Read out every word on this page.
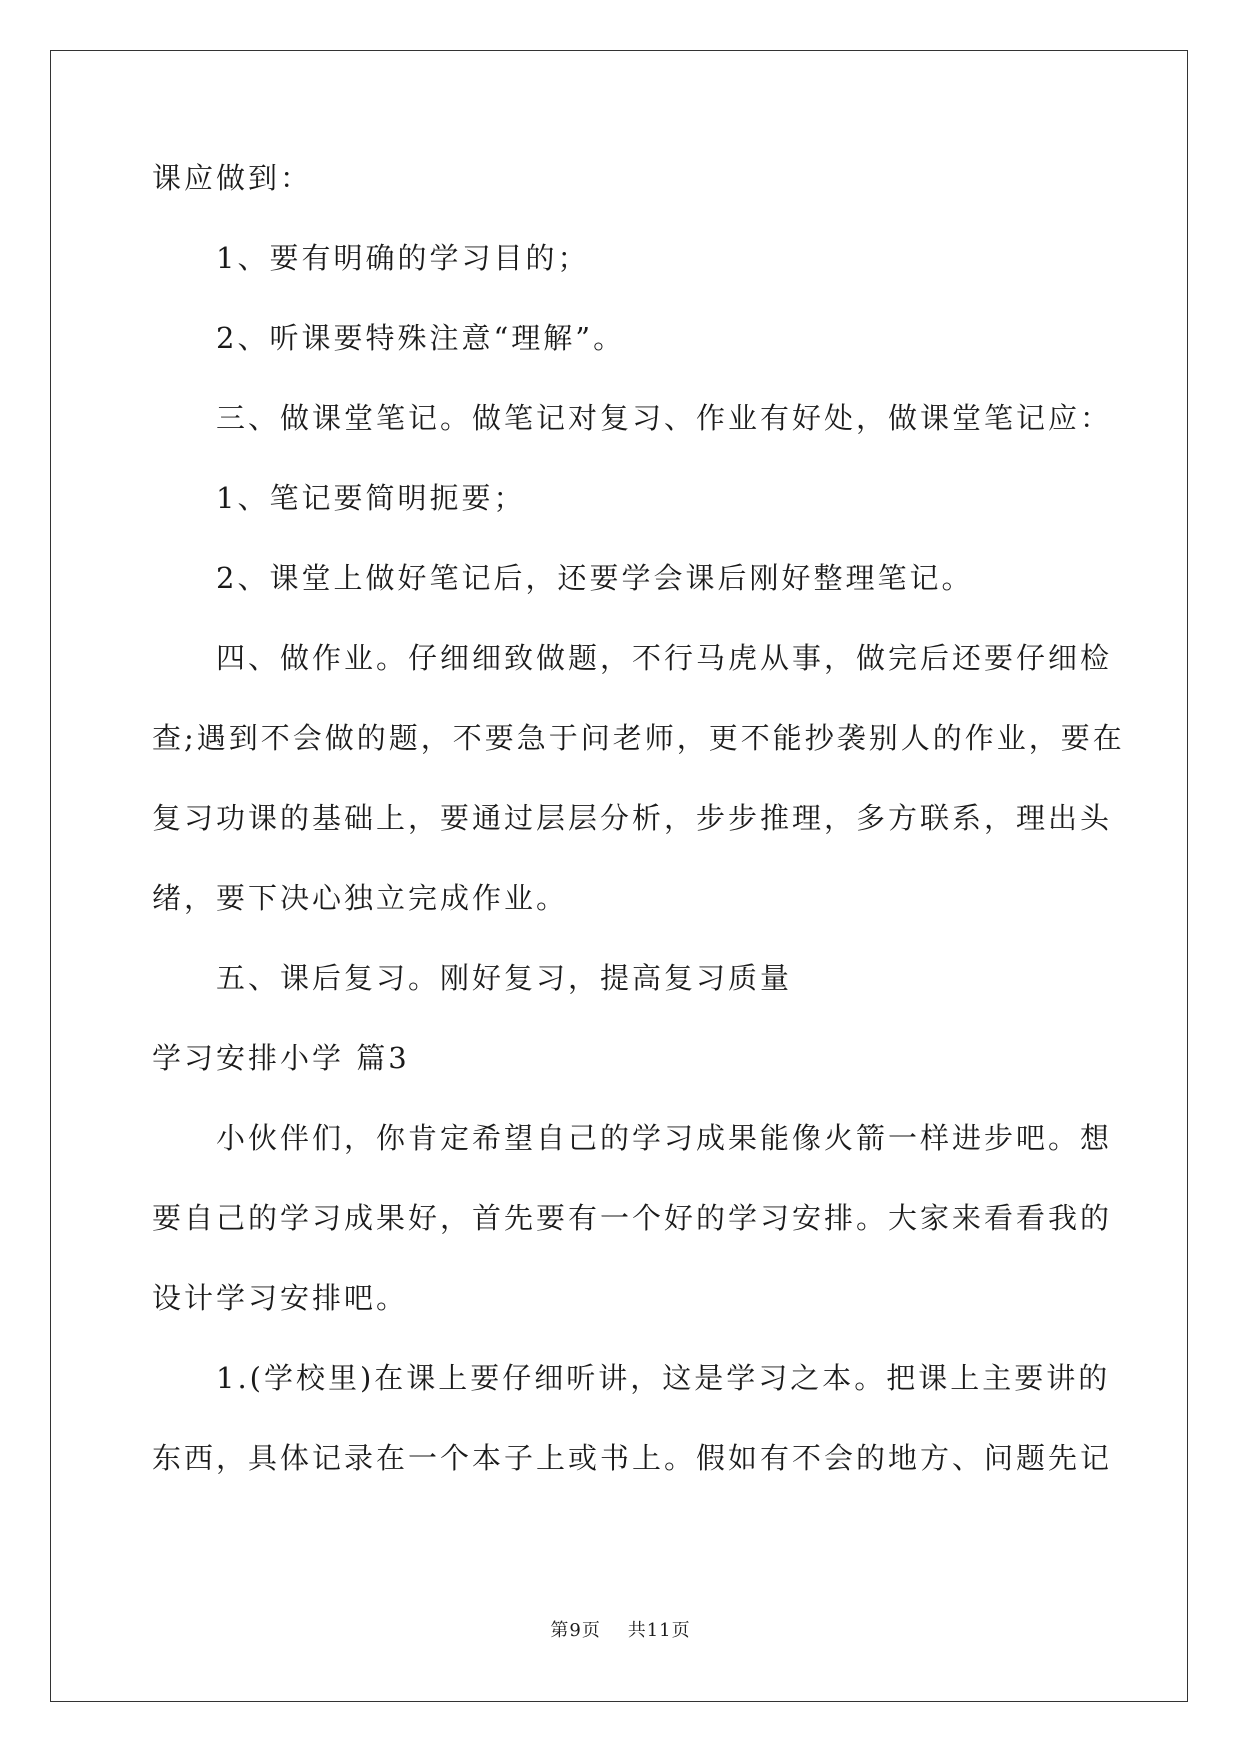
课应做到：

　　1、要有明确的学习目的；

　　2、听课要特殊注意“理解”。

　　三、做课堂笔记。做笔记对复习、作业有好处，做课堂笔记应：

　　1、笔记要简明扼要；

　　2、课堂上做好笔记后，还要学会课后刚好整理笔记。

　　四、做作业。仔细细致做题，不行马虎从事，做完后还要仔细检

查;遇到不会做的题，不要急于问老师，更不能抄袭别人的作业，要在

复习功课的基础上，要通过层层分析，步步推理，多方联系，理出头

绪，要下决心独立完成作业。

　　五、课后复习。刚好复习，提高复习质量

学习安排小学 篇3

　　小伙伴们，你肯定希望自己的学习成果能像火箭一样进步吧。想

要自己的学习成果好，首先要有一个好的学习安排。大家来看看我的

设计学习安排吧。

　　1.(学校里)在课上要仔细听讲，这是学习之本。把课上主要讲的

东西，具体记录在一个本子上或书上。假如有不会的地方、问题先记

第9页 共11页
